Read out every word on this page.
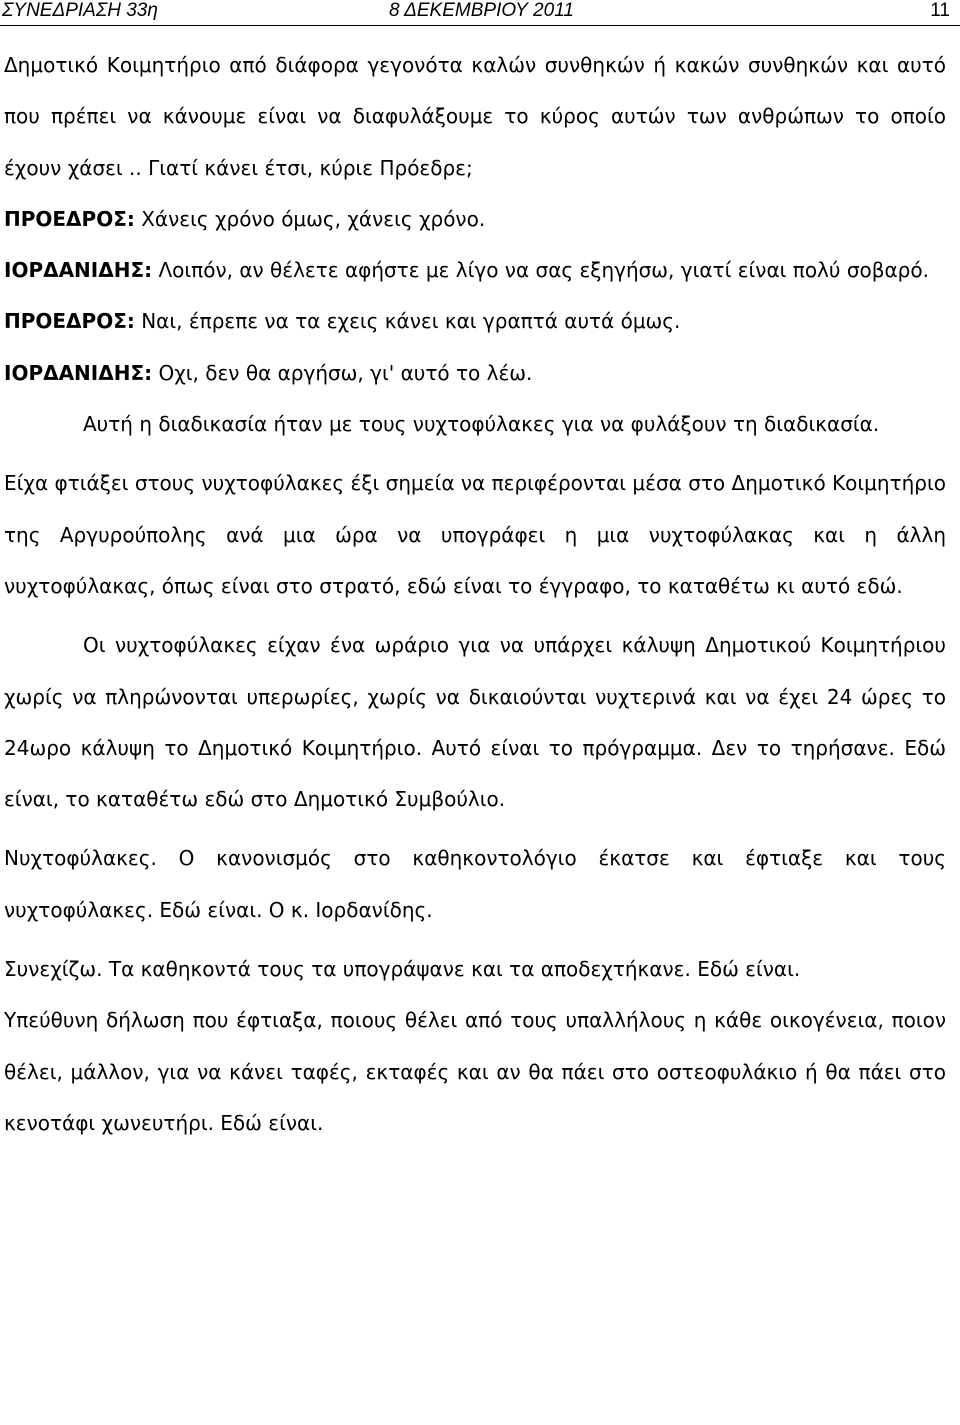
ΣΥΝΕΔΡΙΑΣΗ 33η	8 ΔΕΚΕΜΒΡΙΟΥ 2011	11

Δημοτικό Κοιμητήριο από διάφορα γεγονότα καλών συνθηκών ή κακών συνθηκών και αυτό που πρέπει να κάνουμε είναι να διαφυλάξουμε το κύρος αυτών των ανθρώπων το οποίο έχουν χάσει .. Γιατί κάνει έτσι, κύριε Πρόεδρε;

ΠΡΟΕΔΡΟΣ: Χάνεις χρόνο όμως, χάνεις χρόνο.

ΙΟΡΔΑΝΙΔΗΣ: Λοιπόν, αν θέλετε αφήστε με λίγο να σας εξηγήσω, γιατί είναι πολύ σοβαρό.

ΠΡΟΕΔΡΟΣ: Ναι, έπρεπε να τα εχεις κάνει και γραπτά αυτά όμως.

ΙΟΡΔΑΝΙΔΗΣ: Οχι, δεν θα αργήσω, γι' αυτό το λέω.

Αυτή η διαδικασία ήταν με τους νυχτοφύλακες για να φυλάξουν τη διαδικασία.

Είχα φτιάξει στους νυχτοφύλακες έξι σημεία να περιφέρονται μέσα στο Δημοτικό Κοιμητήριο της Αργυρούπολης ανά μια ώρα να υπογράφει η μια νυχτοφύλακας και η άλλη νυχτοφύλακας, όπως είναι στο στρατό, εδώ είναι το έγγραφο, το καταθέτω κι αυτό εδώ.

Οι νυχτοφύλακες είχαν ένα ωράριο για να υπάρχει κάλυψη Δημοτικού Κοιμητήριου χωρίς να πληρώνονται υπερωρίες, χωρίς να δικαιούνται νυχτερινά και να έχει 24 ώρες το 24ωρο κάλυψη το Δημοτικό Κοιμητήριο. Αυτό είναι το πρόγραμμα. Δεν το τηρήσανε. Εδώ είναι, το καταθέτω εδώ στο Δημοτικό Συμβούλιο.

Νυχτοφύλακες. Ο κανονισμός στο καθηκοντολόγιο έκατσε και έφτιαξε και τους νυχτοφύλακες. Εδώ είναι. Ο κ. Ιορδανίδης.

Συνεχίζω. Τα καθηκοντά τους τα υπογράψανε και τα αποδεχτήκανε. Εδώ είναι.

Υπεύθυνη δήλωση που έφτιαξα, ποιους θέλει από τους υπαλλήλους η κάθε οικογένεια, ποιον θέλει, μάλλον, για να κάνει ταφές, εκταφές και αν θα πάει στο οστεοφυλάκιο ή θα πάει στο κενοτάφι χωνευτήρι. Εδώ είναι.
